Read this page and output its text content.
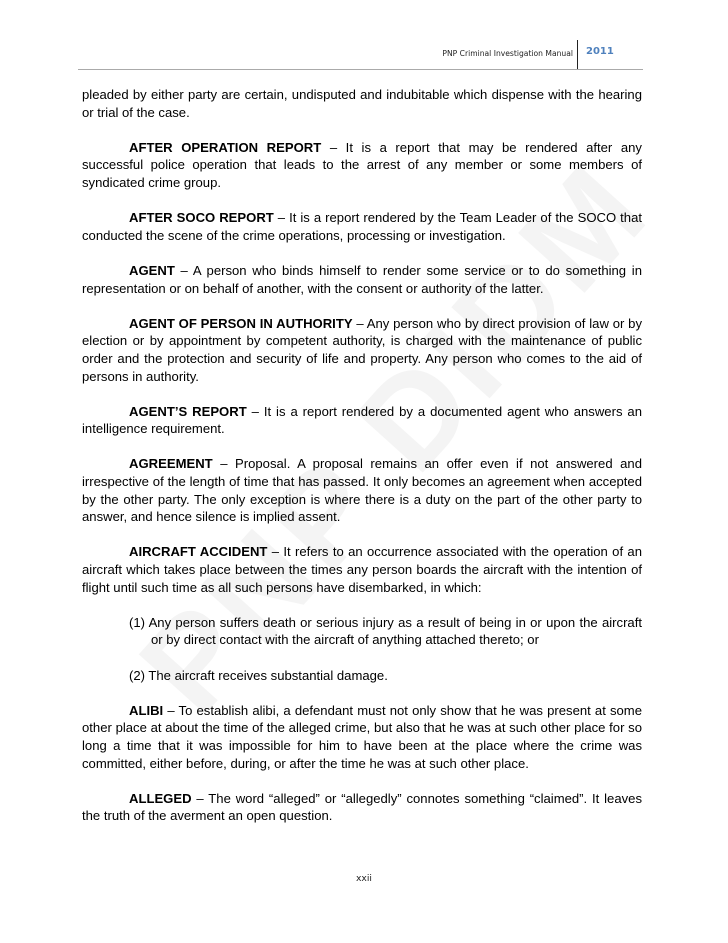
PNP Criminal Investigation Manual 2011

pleaded by either party are certain, undisputed and indubitable which dispense with the hearing or trial of the case.

AFTER OPERATION REPORT – It is a report that may be rendered after any successful police operation that leads to the arrest of any member or some members of syndicated crime group.

AFTER SOCO REPORT – It is a report rendered by the Team Leader of the SOCO that conducted the scene of the crime operations, processing or investigation.

AGENT – A person who binds himself to render some service or to do something in representation or on behalf of another, with the consent or authority of the latter.

AGENT OF PERSON IN AUTHORITY – Any person who by direct provision of law or by election or by appointment by competent authority, is charged with the maintenance of public order and the protection and security of life and property. Any person who comes to the aid of persons in authority.

AGENT’S REPORT – It is a report rendered by a documented agent who answers an intelligence requirement.

AGREEMENT – Proposal. A proposal remains an offer even if not answered and irrespective of the length of time that has passed. It only becomes an agreement when accepted by the other party. The only exception is where there is a duty on the part of the other party to answer, and hence silence is implied assent.

AIRCRAFT ACCIDENT – It refers to an occurrence associated with the operation of an aircraft which takes place between the times any person boards the aircraft with the intention of flight until such time as all such persons have disembarked, in which:

(1) Any person suffers death or serious injury as a result of being in or upon the aircraft or by direct contact with the aircraft of anything attached thereto; or
(2) The aircraft receives substantial damage.

ALIBI – To establish alibi, a defendant must not only show that he was present at some other place at about the time of the alleged crime, but also that he was at such other place for so long a time that it was impossible for him to have been at the place where the crime was committed, either before, during, or after the time he was at such other place.

ALLEGED – The word “alleged” or “allegedly” connotes something “claimed”. It leaves the truth of the averment an open question.

xxii
